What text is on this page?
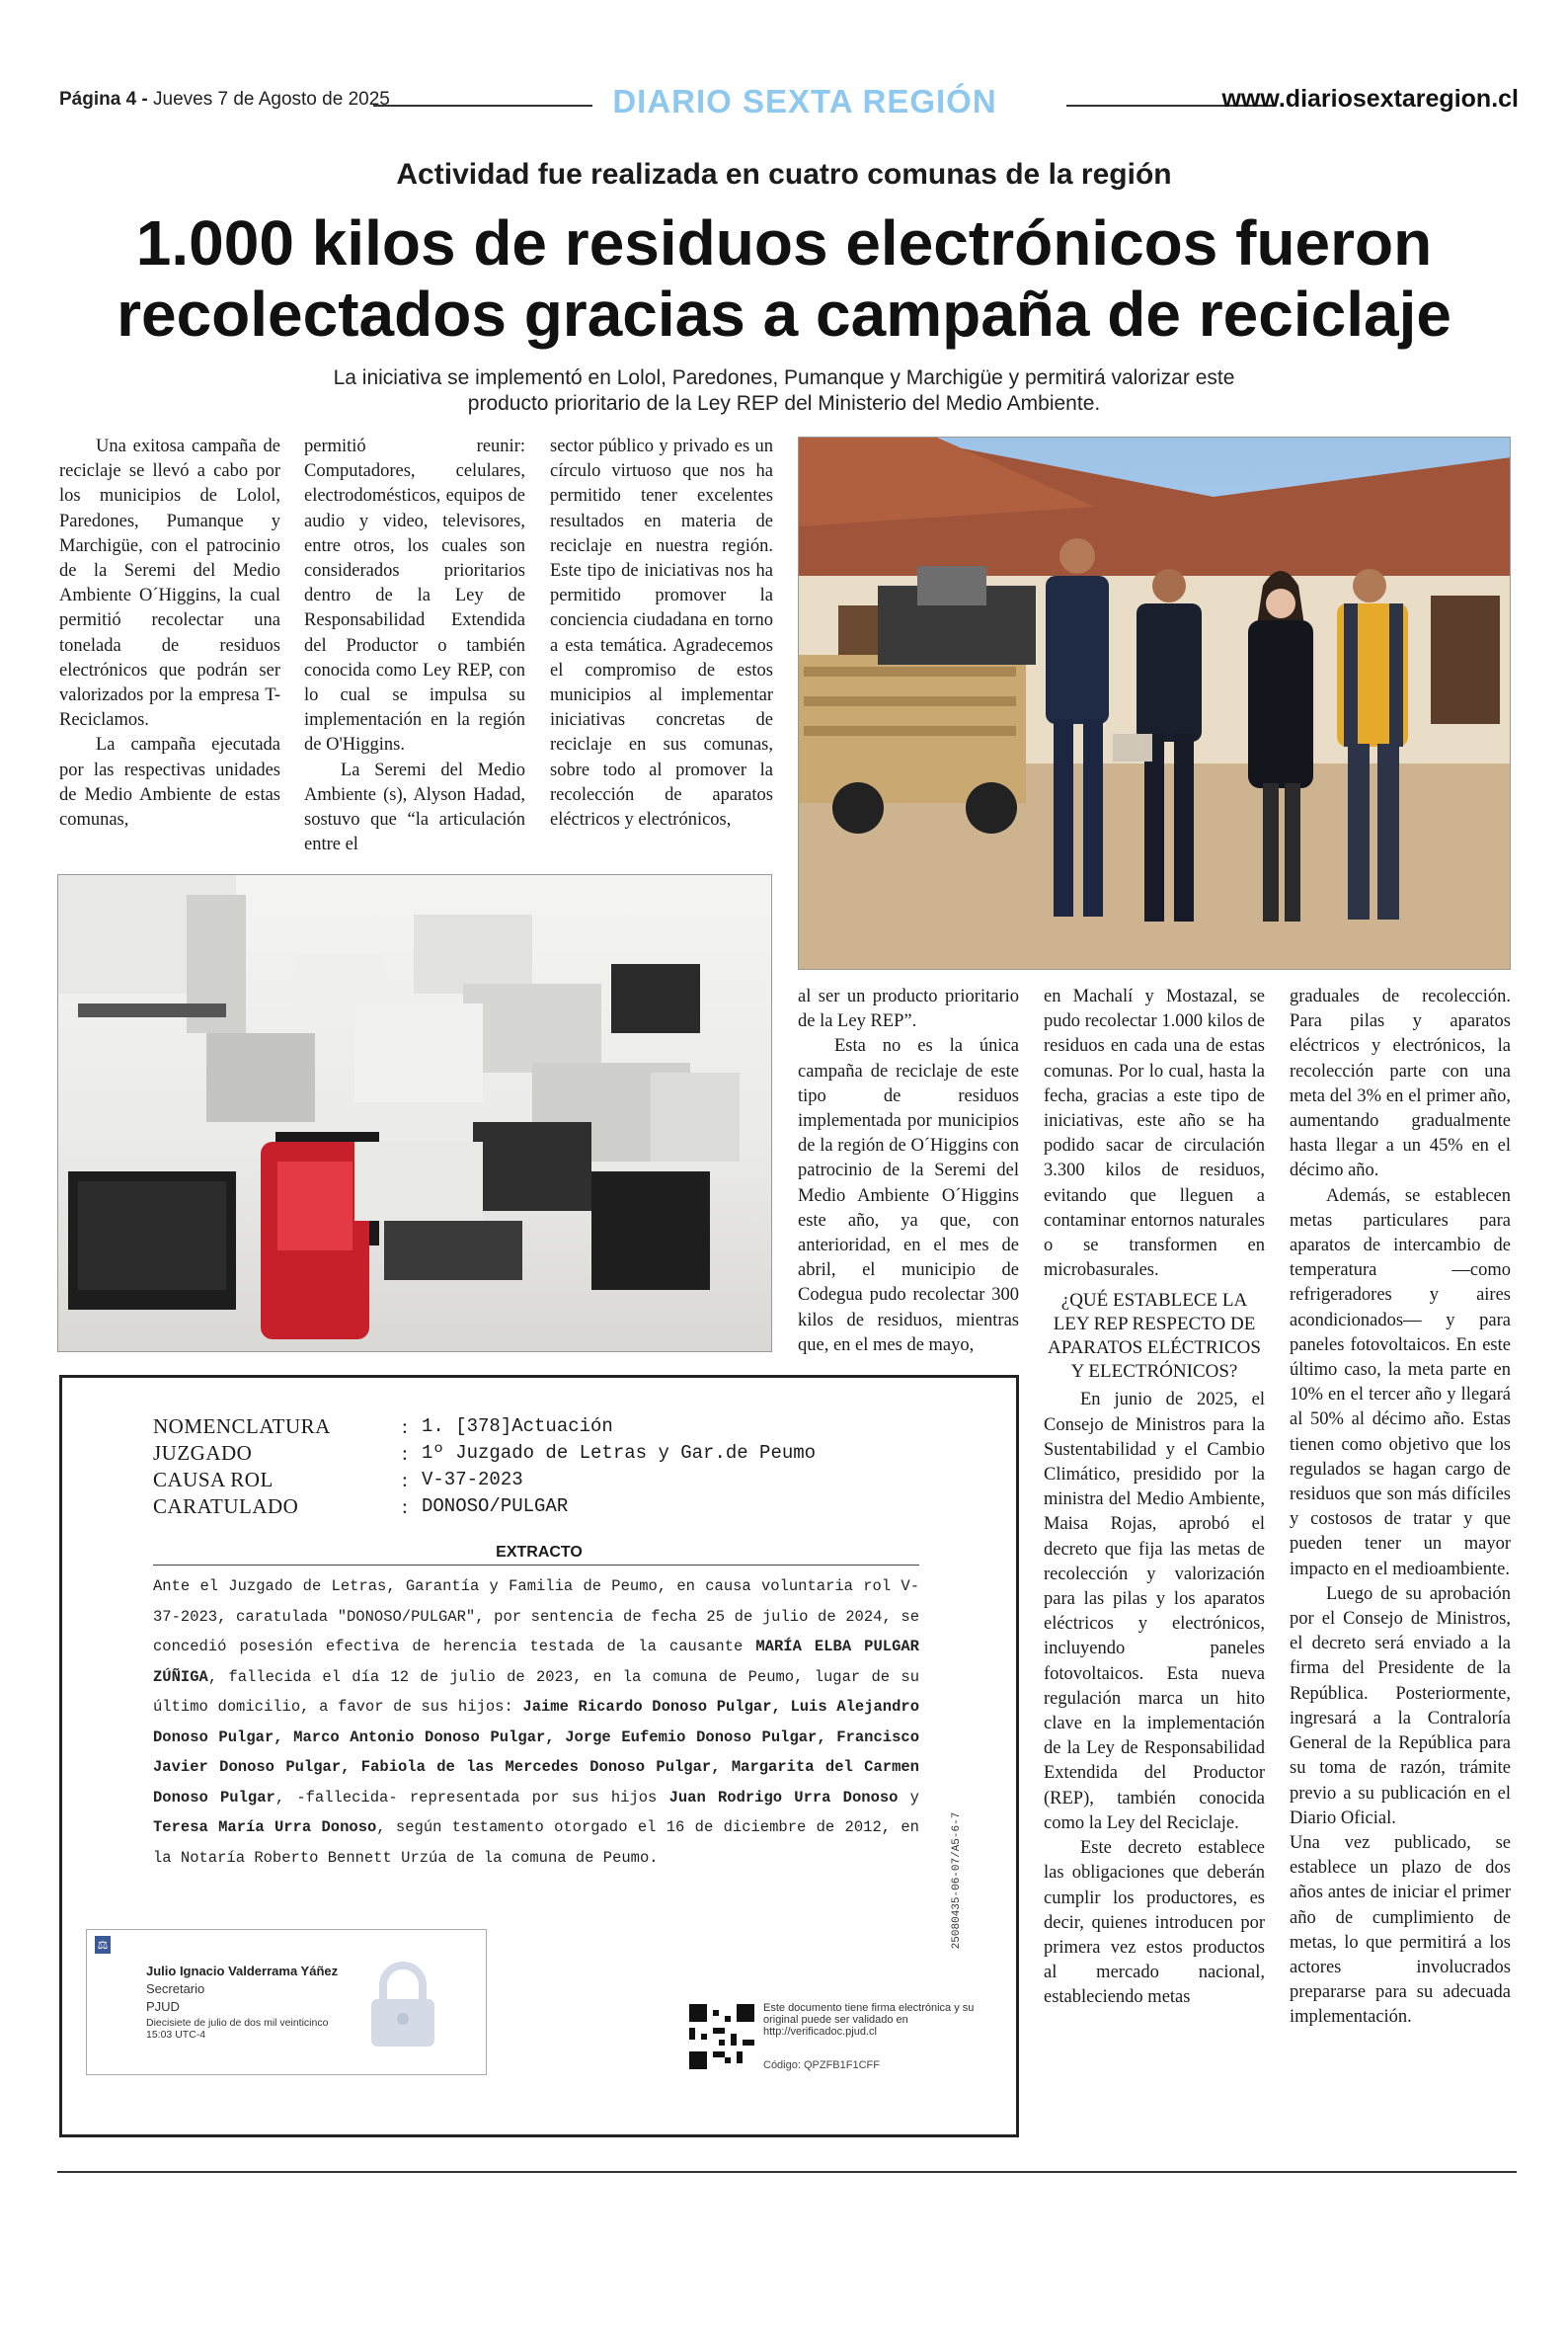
Página 4 - Jueves 7 de Agosto de 2025	DIARIO SEXTA REGIÓN	www.diariosextaregion.cl
Actividad fue realizada en cuatro comunas de la región
1.000 kilos de residuos electrónicos fueron recolectados gracias a campaña de reciclaje
La iniciativa se implementó en Lolol, Paredones, Pumanque y Marchigüe y permitirá valorizar este producto prioritario de la Ley REP del Ministerio del Medio Ambiente.

Una exitosa campaña de reciclaje se llevó a cabo por los municipios de Lolol, Paredones, Pumanque y Marchigüe, con el patrocinio de la Seremi del Medio Ambiente O´Higgins, la cual permitió recolectar una tonelada de residuos electrónicos que podrán ser valorizados por la empresa T-Reciclamos.

La campaña ejecutada por las respectivas unidades de Medio Ambiente de estas comunas,

permitió reunir: Computadores, celulares, electrodomésticos, equipos de audio y video, televisores, entre otros, los cuales son considerados prioritarios dentro de la Ley de Responsabilidad Extendida del Productor o también conocida como Ley REP, con lo cual se impulsa su implementación en la región de O'Higgins.

La Seremi del Medio Ambiente (s), Alyson Hadad, sostuvo que “la articulación entre el

sector público y privado es un círculo virtuoso que nos ha permitido tener excelentes resultados en materia de reciclaje en nuestra región. Este tipo de iniciativas nos ha permitido promover la conciencia ciudadana en torno a esta temática. Agradecemos el compromiso de estos municipios al implementar iniciativas concretas de reciclaje en sus comunas, sobre todo al promover la recolección de aparatos eléctricos y electrónicos,

al ser un producto prioritario de la Ley REP”.

Esta no es la única campaña de reciclaje de este tipo de residuos implementada por municipios de la región de O´Higgins con patrocinio de la Seremi del Medio Ambiente O´Higgins este año, ya que, con anterioridad, en el mes de abril, el municipio de Codegua pudo recolectar 300 kilos de residuos, mientras que, en el mes de mayo,

en Machalí y Mostazal, se pudo recolectar 1.000 kilos de residuos en cada una de estas comunas. Por lo cual, hasta la fecha, gracias a este tipo de iniciativas, este año se ha podido sacar de circulación 3.300 kilos de residuos, evitando que lleguen a contaminar entornos naturales o se transformen en microbasurales.

¿QUÉ ESTABLECE LA LEY REP RESPECTO DE APARATOS ELÉCTRICOS Y ELECTRÓNICOS?

En junio de 2025, el Consejo de Ministros para la Sustentabilidad y el Cambio Climático, presidido por la ministra del Medio Ambiente, Maisa Rojas, aprobó el decreto que fija las metas de recolección y valorización para las pilas y los aparatos eléctricos y electrónicos, incluyendo paneles fotovoltaicos. Esta nueva regulación marca un hito clave en la implementación de la Ley de Responsabilidad Extendida del Productor (REP), también conocida como la Ley del Reciclaje.

Este decreto establece las obligaciones que deberán cumplir los productores, es decir, quienes introducen por primera vez estos productos al mercado nacional, estableciendo metas

graduales de recolección. Para pilas y aparatos eléctricos y electrónicos, la recolección parte con una meta del 3% en el primer año, aumentando gradualmente hasta llegar a un 45% en el décimo año.

Además, se establecen metas particulares para aparatos de intercambio de temperatura —como refrigeradores y aires acondicionados— y para paneles fotovoltaicos. En este último caso, la meta parte en 10% en el tercer año y llegará al 50% al décimo año. Estas tienen como objetivo que los regulados se hagan cargo de residuos que son más difíciles y costosos de tratar y que pueden tener un mayor impacto en el medioambiente.

Luego de su aprobación por el Consejo de Ministros, el decreto será enviado a la firma del Presidente de la República. Posteriormente, ingresará a la Contraloría General de la República para su toma de razón, trámite previo a su publicación en el Diario Oficial.

Una vez publicado, se establece un plazo de dos años antes de iniciar el primer año de cumplimiento de metas, lo que permitirá a los actores involucrados prepararse para su adecuada implementación.

NOMENCLATURA	: 1. [378]Actuación
JUZGADO	: 1º Juzgado de Letras y Gar.de Peumo
CAUSA ROL	: V-37-2023
CARATULADO	: DONOSO/PULGAR
EXTRACTO
Ante el Juzgado de Letras, Garantía y Familia de Peumo, en causa voluntaria rol V-37-2023, caratulada "DONOSO/PULGAR", por sentencia de fecha 25 de julio de 2024, se concedió posesión efectiva de herencia testada de la causante MARÍA ELBA PULGAR ZÚÑIGA, fallecida el día 12 de julio de 2023, en la comuna de Peumo, lugar de su último domicilio, a favor de sus hijos: Jaime Ricardo Donoso Pulgar, Luis Alejandro Donoso Pulgar, Marco Antonio Donoso Pulgar, Jorge Eufemio Donoso Pulgar, Francisco Javier Donoso Pulgar, Fabiola de las Mercedes Donoso Pulgar, Margarita del Carmen Donoso Pulgar, -fallecida- representada por sus hijos Juan Rodrigo Urra Donoso y Teresa María Urra Donoso, según testamento otorgado el 16 de diciembre de 2012, en la Notaría Roberto Bennett Urzúa de la comuna de Peumo.	25080435-06-07/A5-6-7
⚖
Julio Ignacio Valderrama Yáñez
Secretario
PJUD
Diecisiete de julio de dos mil veinticinco
15:03 UTC-4
Este documento tiene firma electrónica y su original puede ser validado en http://verificadoc.pjud.cl
Código: QPZFB1F1CFF
